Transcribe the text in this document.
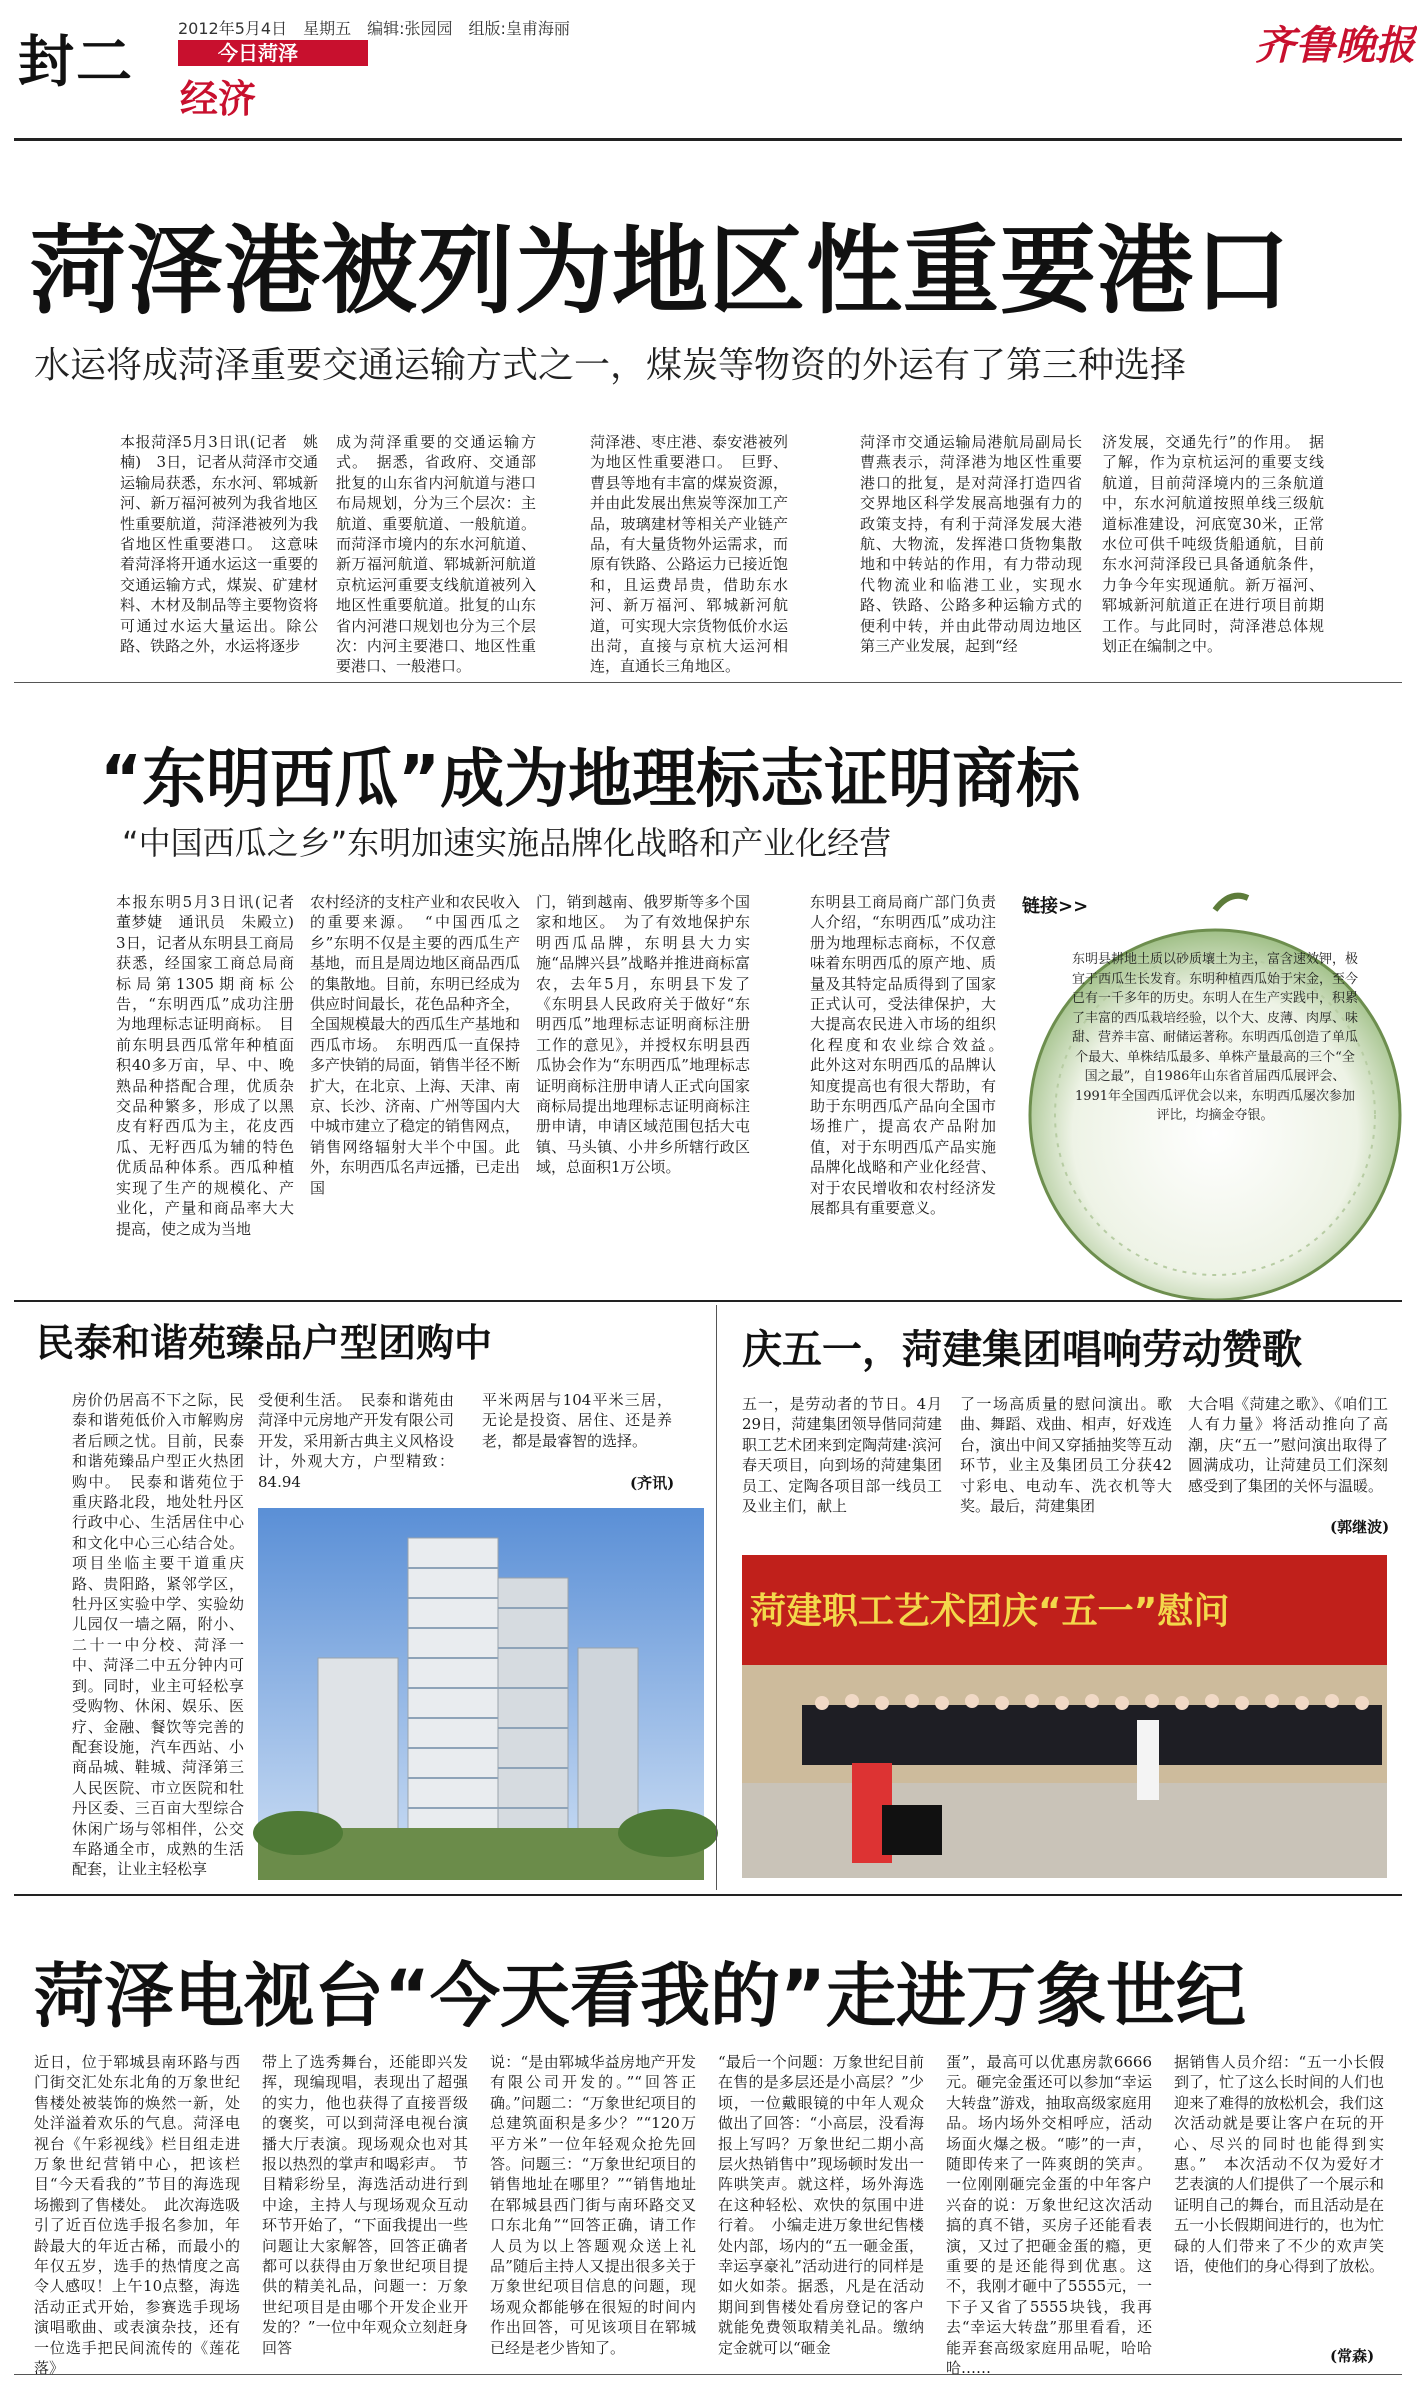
封二
2012年5月4日　星期五　编辑:张园园　组版:皇甫海丽
今日菏泽
经济
齐鲁晚报
菏泽港被列为地区性重要港口
水运将成菏泽重要交通运输方式之一，煤炭等物资的外运有了第三种选择
本报菏泽5月3日讯(记者　姚楠)　3日，记者从菏泽市交通运输局获悉，东水河、郓城新河、新万福河被列为我省地区性重要航道，菏泽港被列为我省地区性重要港口。　这意味着菏泽将开通水运这一重要的交通运输方式，煤炭、矿建材料、木材及制品等主要物资将可通过水运大量运出。除公路、铁路之外，水运将逐步
成为菏泽重要的交通运输方式。　据悉，省政府、交通部批复的山东省内河航道与港口布局规划，分为三个层次：主航道、重要航道、一般航道。而菏泽市境内的东水河航道、新万福河航道、郓城新河航道京杭运河重要支线航道被列入地区性重要航道。批复的山东省内河港口规划也分为三个层次：内河主要港口、地区性重要港口、一般港口。
菏泽港、枣庄港、泰安港被列为地区性重要港口。　巨野、曹县等地有丰富的煤炭资源，并由此发展出焦炭等深加工产品，玻璃建材等相关产业链产品，有大量货物外运需求，而原有铁路、公路运力已接近饱和，且运费昂贵，借助东水河、新万福河、郓城新河航道，可实现大宗货物低价水运出菏，直接与京杭大运河相连，直通长三角地区。
菏泽市交通运输局港航局副局长曹燕表示，菏泽港为地区性重要港口的批复，是对菏泽打造四省交界地区科学发展高地强有力的政策支持，有利于菏泽发展大港航、大物流，发挥港口货物集散地和中转站的作用，有力带动现代物流业和临港工业，实现水路、铁路、公路多种运输方式的便利中转，并由此带动周边地区第三产业发展，起到“经
济发展，交通先行”的作用。　据了解，作为京杭运河的重要支线航道，目前菏泽境内的三条航道中，东水河航道按照单线三级航道标准建设，河底宽30米，正常水位可供千吨级货船通航，目前东水河菏泽段已具备通航条件，力争今年实现通航。新万福河、郓城新河航道正在进行项目前期工作。与此同时，菏泽港总体规划正在编制之中。
“东明西瓜”成为地理标志证明商标
“中国西瓜之乡”东明加速实施品牌化战略和产业化经营
本报东明5月3日讯(记者　董梦婕　通讯员　朱殿立)　3日，记者从东明县工商局获悉，经国家工商总局商标局第1305期商标公告，“东明西瓜”成功注册为地理标志证明商标。　目前东明县西瓜常年种植面积40多万亩，早、中、晚熟品种搭配合理，优质杂交品种繁多，形成了以黑皮有籽西瓜为主，花皮西瓜、无籽西瓜为辅的特色优质品种体系。西瓜种植实现了生产的规模化、产业化，产量和商品率大大提高，使之成为当地
农村经济的支柱产业和农民收入的重要来源。　“中国西瓜之乡”东明不仅是主要的西瓜生产基地，而且是周边地区商品西瓜的集散地。目前，东明已经成为供应时间最长，花色品种齐全，全国规模最大的西瓜生产基地和西瓜市场。　东明西瓜一直保持多产快销的局面，销售半径不断扩大，在北京、上海、天津、南京、长沙、济南、广州等国内大中城市建立了稳定的销售网点，销售网络辐射大半个中国。此外，东明西瓜名声远播，已走出国
门，销到越南、俄罗斯等多个国家和地区。　为了有效地保护东明西瓜品牌，东明县大力实施“品牌兴县”战略并推进商标富农，去年5月，东明县下发了《东明县人民政府关于做好“东明西瓜”地理标志证明商标注册工作的意见》，并授权东明县西瓜协会作为“东明西瓜”地理标志证明商标注册申请人正式向国家商标局提出地理标志证明商标注册申请，申请区域范围包括大屯镇、马头镇、小井乡所辖行政区域，总面积1万公顷。
东明县工商局商广部门负责人介绍，“东明西瓜”成功注册为地理标志商标，不仅意味着东明西瓜的原产地、质量及其特定品质得到了国家正式认可，受法律保护，大大提高农民进入市场的组织化程度和农业综合效益。　此外这对东明西瓜的品牌认知度提高也有很大帮助，有助于东明西瓜产品向全国市场推广，提高农产品附加值，对于东明西瓜产品实施品牌化战略和产业化经营、对于农民增收和农村经济发展都具有重要意义。
链接>>
东明县耕地土质以砂质壤土为主，富含速效钾，极宜于西瓜生长发育。东明种植西瓜始于宋金，至今已有一千多年的历史。东明人在生产实践中，积累了丰富的西瓜栽培经验，以个大、皮薄、肉厚、味甜、营养丰富、耐储运著称。东明西瓜创造了单瓜个最大、单株结瓜最多、单株产量最高的三个“全国之最”，自1986年山东省首届西瓜展评会、1991年全国西瓜评优会以来，东明西瓜屡次参加评比，均摘金夺银。
民泰和谐苑臻品户型团购中
房价仍居高不下之际，民泰和谐苑低价入市解购房者后顾之忧。目前，民泰和谐苑臻品户型正火热团购中。　民泰和谐苑位于重庆路北段，地处牡丹区行政中心、生活居住中心和文化中心三心结合处。项目坐临主要干道重庆路、贵阳路，紧邻学区，牡丹区实验中学、实验幼儿园仅一墙之隔，附小、二十一中分校、菏泽一中、菏泽二中五分钟内可到。同时，业主可轻松享受购物、休闲、娱乐、医疗、金融、餐饮等完善的配套设施，汽车西站、小商品城、鞋城、菏泽第三人民医院、市立医院和牡丹区委、三百亩大型综合休闲广场与邻相伴，公交车路通全市，成熟的生活配套，让业主轻松享
受便利生活。　民泰和谐苑由菏泽中元房地产开发有限公司开发，采用新古典主义风格设计，外观大方，户型精致：84.94
平米两居与104平米三居，无论是投资、居住、还是养老，都是最睿智的选择。
(齐讯)
庆五一，菏建集团唱响劳动赞歌
五一，是劳动者的节日。4月29日，菏建集团领导偕同菏建职工艺术团来到定陶菏建·滨河春天项目，向到场的菏建集团员工、定陶各项目部一线员工及业主们，献上
了一场高质量的慰问演出。歌曲、舞蹈、戏曲、相声，好戏连台，演出中间又穿插抽奖等互动环节，业主及集团员工分获42寸彩电、电动车、洗衣机等大奖。最后，菏建集团
大合唱《菏建之歌》、《咱们工人有力量》将活动推向了高潮，庆“五一”慰问演出取得了圆满成功，让菏建员工们深刻感受到了集团的关怀与温暖。
(郭继波)
菏建职工艺术团庆“五一”慰问
菏泽电视台“今天看我的”走进万象世纪
近日，位于郓城县南环路与西门街交汇处东北角的万象世纪售楼处被装饰的焕然一新，处处洋溢着欢乐的气息。菏泽电视台《午彩视线》栏目组走进万象世纪营销中心，把该栏目“今天看我的”节目的海选现场搬到了售楼处。　此次海选吸引了近百位选手报名参加，年龄最大的年近古稀，而最小的年仅五岁，选手的热情度之高令人感叹！上午10点整，海选活动正式开始，参赛选手现场演唱歌曲、或表演杂技，还有一位选手把民间流传的《莲花落》
带上了选秀舞台，还能即兴发挥，现编现唱，表现出了超强的实力，他也获得了直接晋级的褒奖，可以到菏泽电视台演播大厅表演。现场观众也对其报以热烈的掌声和喝彩声。　节目精彩纷呈，海选活动进行到中途，主持人与现场观众互动环节开始了，“下面我提出一些问题让大家解答，回答正确者都可以获得由万象世纪项目提供的精美礼品，问题一：万象世纪项目是由哪个开发企业开发的？”一位中年观众立刻赶身回答
说：“是由郓城华益房地产开发有限公司开发的。”“回答正确。”问题二：“万象世纪项目的总建筑面积是多少？”“120万平方米”一位年轻观众抢先回答。问题三：“万象世纪项目的销售地址在哪里？”“销售地址在郓城县西门街与南环路交叉口东北角”“回答正确，请工作人员为以上答题观众送上礼品”随后主持人又提出很多关于万象世纪项目信息的问题，现场观众都能够在很短的时间内作出回答，可见该项目在郓城已经是老少皆知了。
“最后一个问题：万象世纪目前在售的是多层还是小高层？”少顷，一位戴眼镜的中年人观众做出了回答：“小高层，没看海报上写吗？万象世纪二期小高层火热销售中”现场顿时发出一阵哄笑声。就这样，场外海选在这种轻松、欢快的氛围中进行着。　小编走进万象世纪售楼处内部，场内的“五一砸金蛋，幸运享豪礼”活动进行的同样是如火如荼。据悉，凡是在活动期间到售楼处看房登记的客户就能免费领取精美礼品。缴纳定金就可以“砸金
蛋”，最高可以优惠房款6666元。砸完金蛋还可以参加“幸运大转盘”游戏，抽取高级家庭用品。场内场外交相呼应，活动场面火爆之极。“嘭”的一声，随即传来了一阵爽朗的笑声。一位刚刚砸完金蛋的中年客户兴奋的说：万象世纪这次活动搞的真不错，买房子还能看表演，又过了把砸金蛋的瘾，更重要的是还能得到优惠。这不，我刚才砸中了5555元，一下子又省了5555块钱，我再去“幸运大转盘”那里看看，还能弄套高级家庭用品呢，哈哈哈……
据销售人员介绍：“五一小长假到了，忙了这么长时间的人们也迎来了难得的放松机会，我们这次活动就是要让客户在玩的开心、尽兴的同时也能得到实惠。”　本次活动不仅为爱好才艺表演的人们提供了一个展示和证明自己的舞台，而且活动是在五一小长假期间进行的，也为忙碌的人们带来了不少的欢声笑语，使他们的身心得到了放松。
(常森)
